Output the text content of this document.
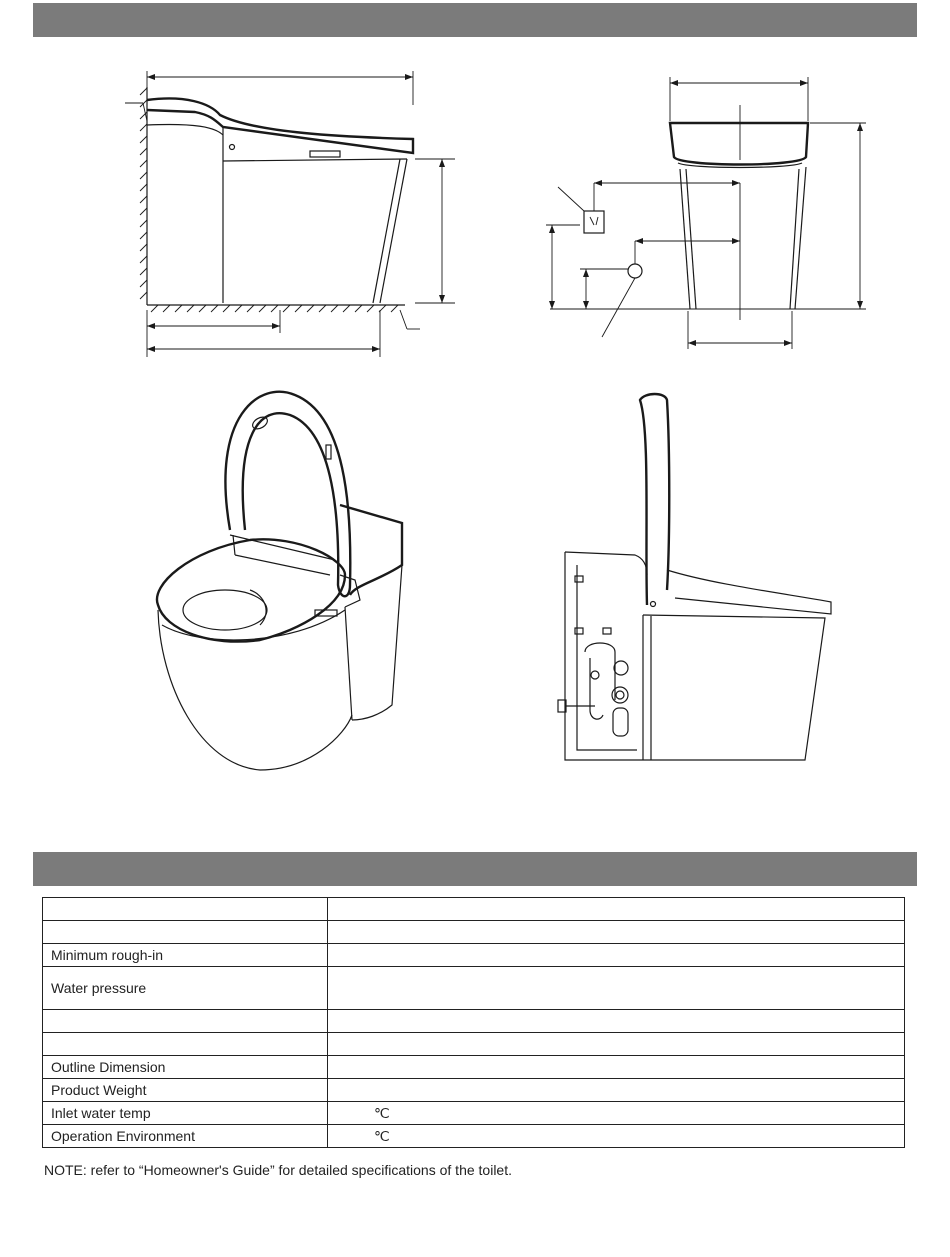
Minimum rough-in	
Water pressure	

Outline Dimension	
Product Weight	
Inlet water temp	℃
Operation Environment	℃
NOTE: refer to “Homeowner's Guide” for detailed specifications of the toilet.
